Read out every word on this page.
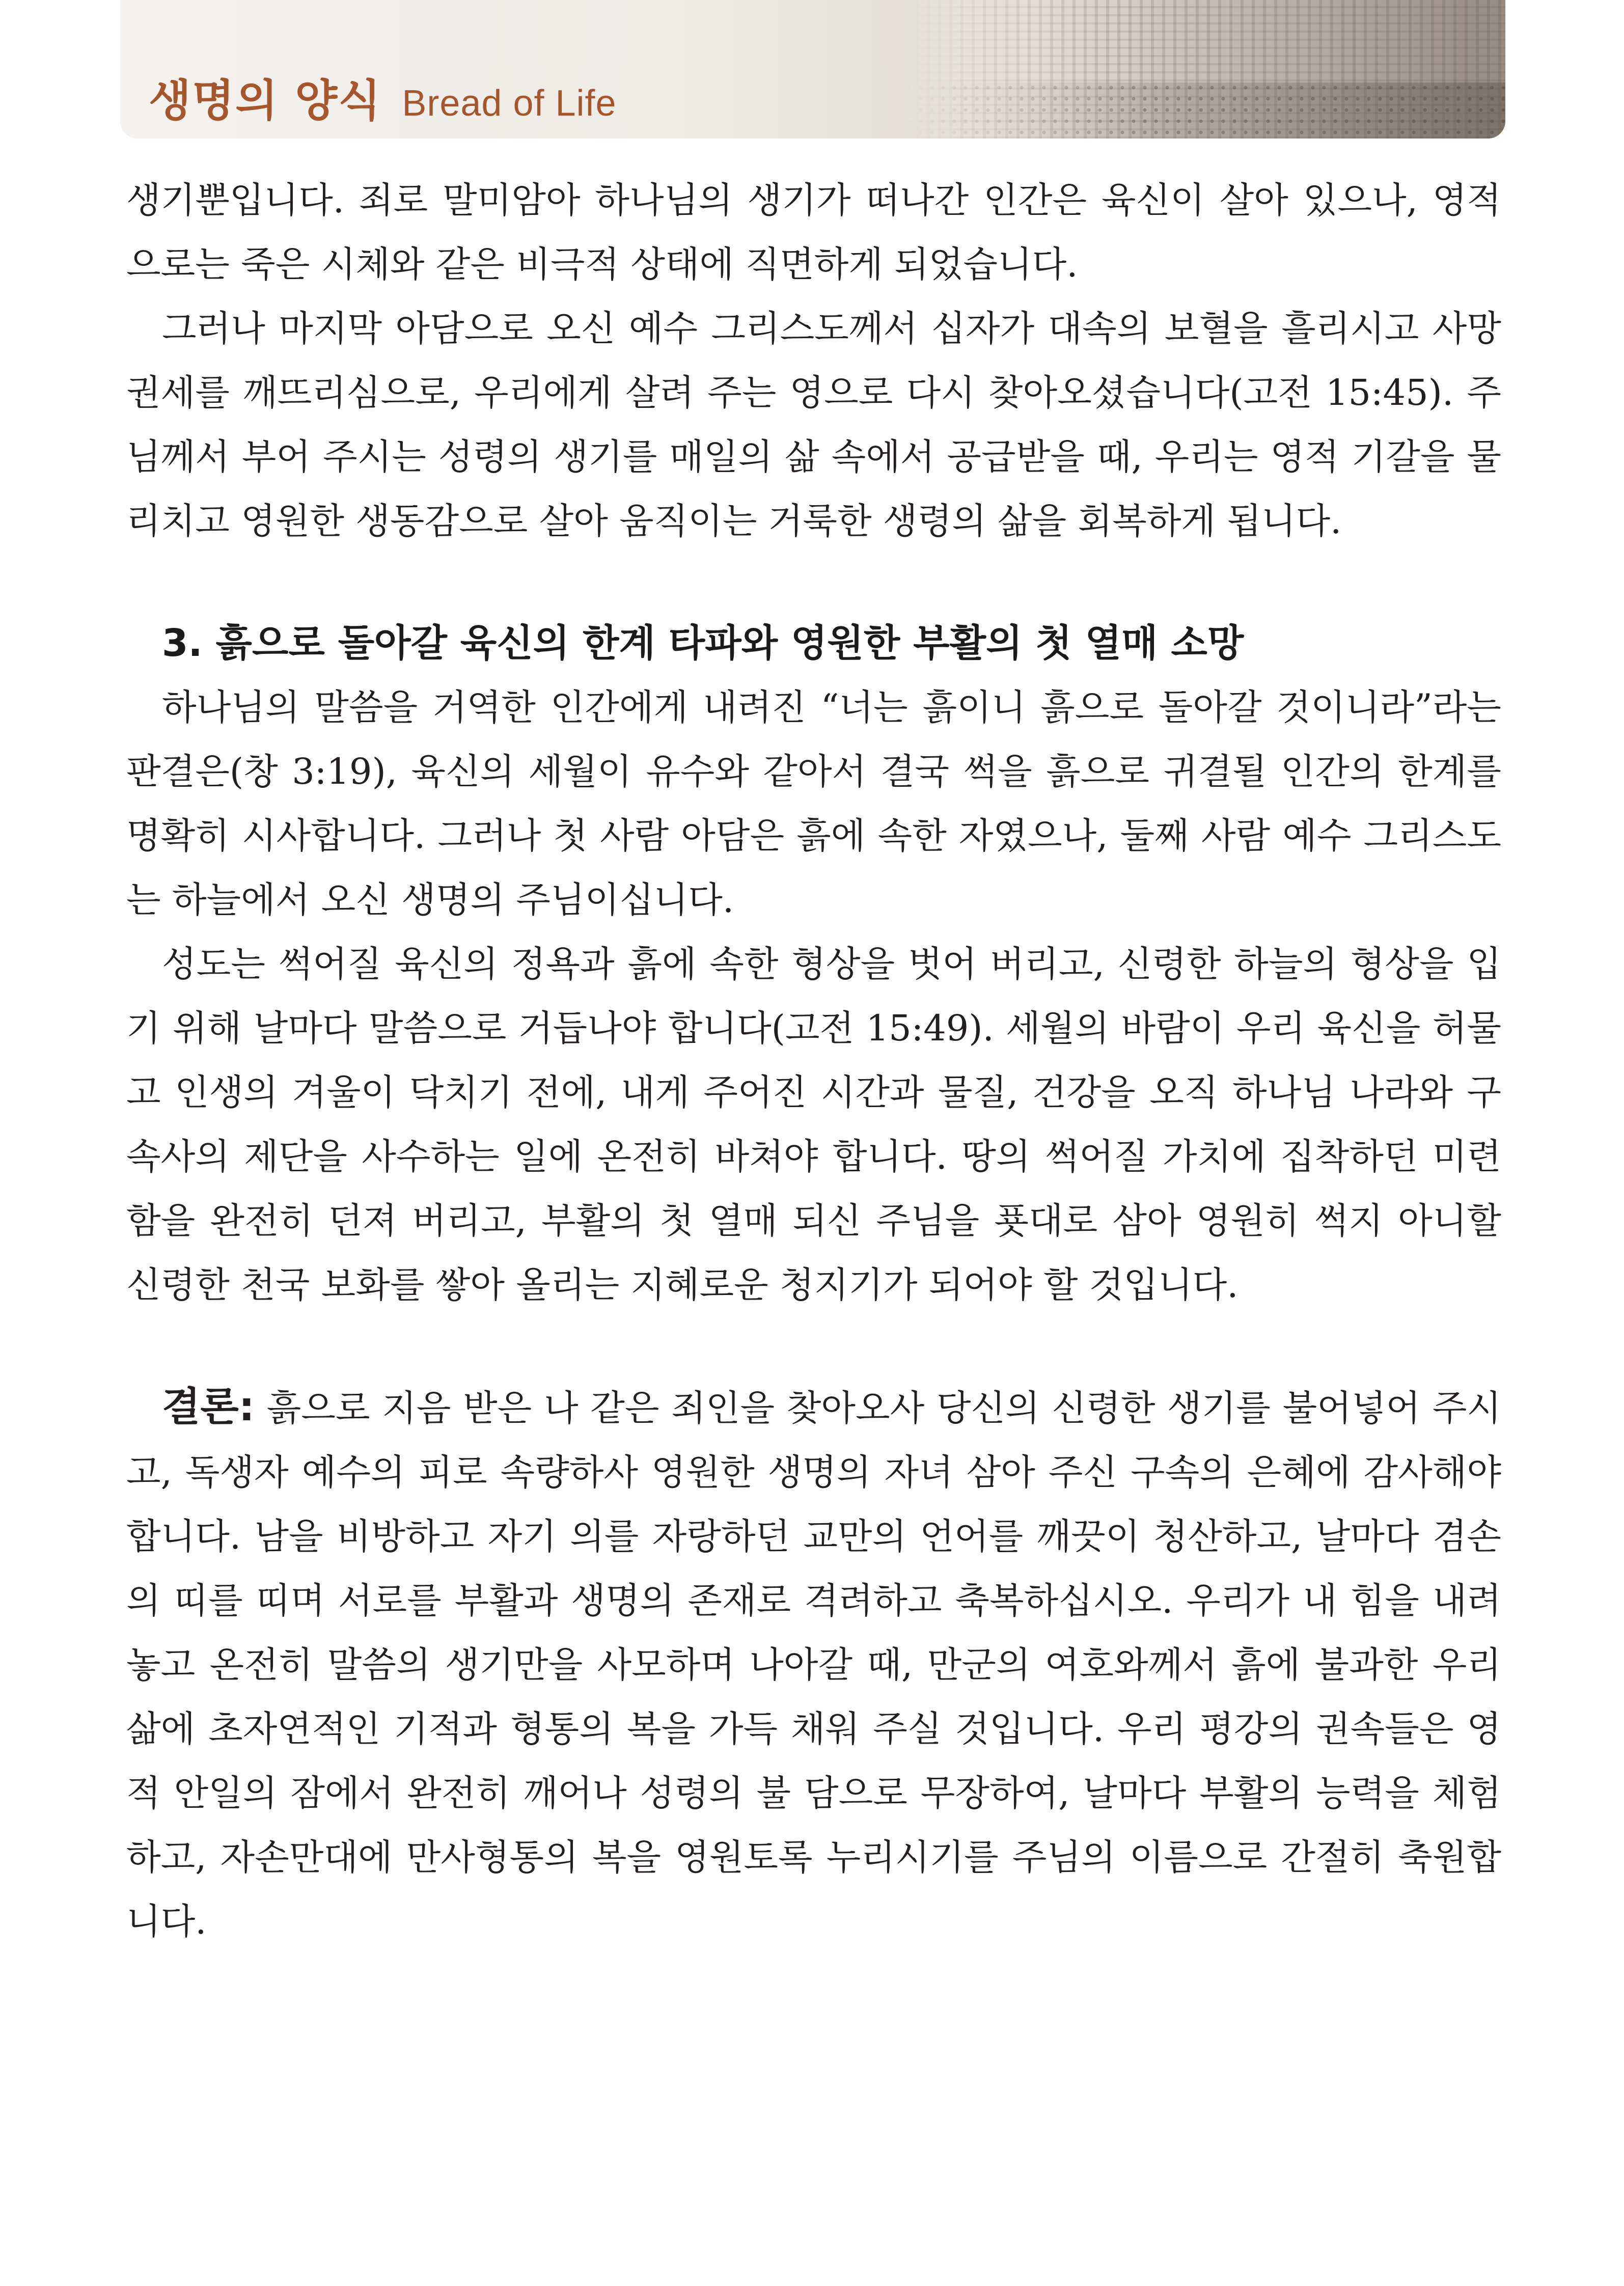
생명의 양식 Bread of Life

생기뿐입니다. 죄로 말미암아 하나님의 생기가 떠나간 인간은 육신이 살아 있으나, 영적으로는 죽은 시체와 같은 비극적 상태에 직면하게 되었습니다.

그러나 마지막 아담으로 오신 예수 그리스도께서 십자가 대속의 보혈을 흘리시고 사망 권세를 깨뜨리심으로, 우리에게 살려 주는 영으로 다시 찾아오셨습니다(고전 15:45). 주님께서 부어 주시는 성령의 생기를 매일의 삶 속에서 공급받을 때, 우리는 영적 기갈을 물리치고 영원한 생동감으로 살아 움직이는 거룩한 생령의 삶을 회복하게 됩니다.

3. 흙으로 돌아갈 육신의 한계 타파와 영원한 부활의 첫 열매 소망

하나님의 말씀을 거역한 인간에게 내려진 “너는 흙이니 흙으로 돌아갈 것이니라”라는 판결은(창 3:19), 육신의 세월이 유수와 같아서 결국 썩을 흙으로 귀결될 인간의 한계를 명확히 시사합니다. 그러나 첫 사람 아담은 흙에 속한 자였으나, 둘째 사람 예수 그리스도는 하늘에서 오신 생명의 주님이십니다.

성도는 썩어질 육신의 정욕과 흙에 속한 형상을 벗어 버리고, 신령한 하늘의 형상을 입기 위해 날마다 말씀으로 거듭나야 합니다(고전 15:49). 세월의 바람이 우리 육신을 허물고 인생의 겨울이 닥치기 전에, 내게 주어진 시간과 물질, 건강을 오직 하나님 나라와 구속사의 제단을 사수하는 일에 온전히 바쳐야 합니다. 땅의 썩어질 가치에 집착하던 미련함을 완전히 던져 버리고, 부활의 첫 열매 되신 주님을 푯대로 삼아 영원히 썩지 아니할 신령한 천국 보화를 쌓아 올리는 지혜로운 청지기가 되어야 할 것입니다.

결론: 흙으로 지음 받은 나 같은 죄인을 찾아오사 당신의 신령한 생기를 불어넣어 주시고, 독생자 예수의 피로 속량하사 영원한 생명의 자녀 삼아 주신 구속의 은혜에 감사해야 합니다. 남을 비방하고 자기 의를 자랑하던 교만의 언어를 깨끗이 청산하고, 날마다 겸손의 띠를 띠며 서로를 부활과 생명의 존재로 격려하고 축복하십시오. 우리가 내 힘을 내려놓고 온전히 말씀의 생기만을 사모하며 나아갈 때, 만군의 여호와께서 흙에 불과한 우리 삶에 초자연적인 기적과 형통의 복을 가득 채워 주실 것입니다. 우리 평강의 권속들은 영적 안일의 잠에서 완전히 깨어나 성령의 불 담으로 무장하여, 날마다 부활의 능력을 체험하고, 자손만대에 만사형통의 복을 영원토록 누리시기를 주님의 이름으로 간절히 축원합니다.
